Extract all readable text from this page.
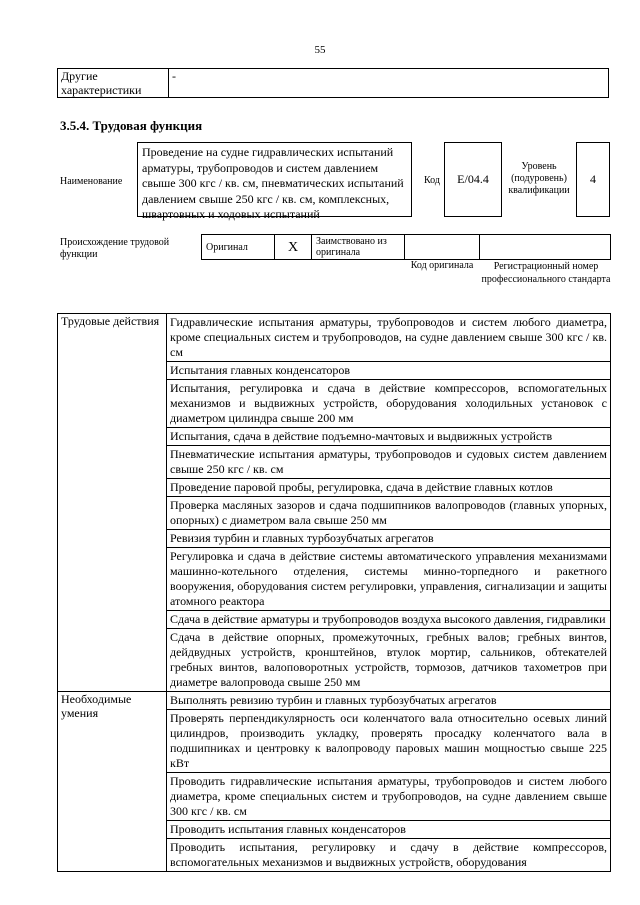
55
Другие характеристики	-
3.5.4. Трудовая функция
Наименование
Проведение на судне гидравлических испытаний арматуры, трубопроводов и систем давлением свыше 300 кгс / кв. см, пневматических испытаний давлением свыше 250 кгс / кв. см, комплексных, швартовных и ходовых испытаний
Код	E/04.4
Уровень (подуровень) квалификации
4
Происхождение трудовой функции
Оригинал	X	Заимствовано из оригинала		
Код оригинала	Регистрационный номер профессионального стандарта
Трудовые действия	Гидравлические испытания арматуры, трубопроводов и систем любого диаметра, кроме специальных систем и трубопроводов, на судне давлением свыше 300 кгс / кв. см
	Испытания главных конденсаторов
	Испытания, регулировка и сдача в действие компрессоров, вспомогательных механизмов и выдвижных устройств, оборудования холодильных установок с диаметром цилиндра свыше 200 мм
	Испытания, сдача в действие подъемно-мачтовых и выдвижных устройств
	Пневматические испытания арматуры, трубопроводов и судовых систем давлением свыше 250 кгс / кв. см
	Проведение паровой пробы, регулировка, сдача в действие главных котлов
	Проверка масляных зазоров и сдача подшипников валопроводов (главных упорных, опорных) с диаметром вала свыше 250 мм
	Ревизия турбин и главных турбозубчатых агрегатов
	Регулировка и сдача в действие системы автоматического управления механизмами машинно-котельного отделения, системы минно-торпедного и ракетного вооружения, оборудования систем регулировки, управления, сигнализации и защиты атомного реактора
	Сдача в действие арматуры и трубопроводов воздуха высокого давления, гидравлики
	Сдача в действие опорных, промежуточных, гребных валов; гребных винтов, дейдвудных устройств, кронштейнов, втулок мортир, сальников, обтекателей гребных винтов, валоповоротных устройств, тормозов, датчиков тахометров при диаметре валопровода свыше 250 мм
Необходимые умения	Выполнять ревизию турбин и главных турбозубчатых агрегатов
	Проверять перпендикулярность оси коленчатого вала относительно осевых линий цилиндров, производить укладку, проверять просадку коленчатого вала в подшипниках и центровку к валопроводу паровых машин мощностью свыше 225 кВт
	Проводить гидравлические испытания арматуры, трубопроводов и систем любого диаметра, кроме специальных систем и трубопроводов, на судне давлением свыше 300 кгс / кв. см
	Проводить испытания главных конденсаторов
	Проводить испытания, регулировку и сдачу в действие компрессоров, вспомогательных механизмов и выдвижных устройств, оборудования
